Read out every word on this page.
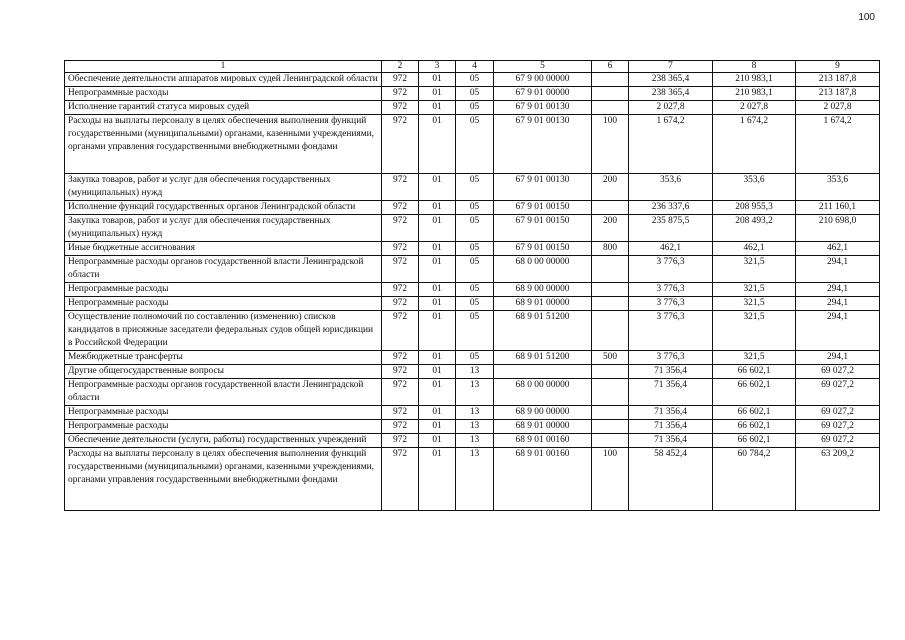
100
1	2	3	4	5	6	7	8	9
Обеспечение деятельности аппаратов мировых судей Ленинградской области	972	01	05	67 9 00 00000		238 365,4	210 983,1	213 187,8
Непрограммные расходы	972	01	05	67 9 01 00000		238 365,4	210 983,1	213 187,8
Исполнение гарантий статуса мировых судей	972	01	05	67 9 01 00130		2 027,8	2 027,8	2 027,8
Расходы на выплаты персоналу в целях обеспечения выполнения функций государственными (муниципальными) органами, казенными учреждениями, органами управления государственными внебюджетными фондами	972	01	05	67 9 01 00130	100	1 674,2	1 674,2	1 674,2
Закупка товаров, работ и услуг для обеспечения государственных (муниципальных) нужд	972	01	05	67 9 01 00130	200	353,6	353,6	353,6
Исполнение функций государственных органов Ленинградской области	972	01	05	67 9 01 00150		236 337,6	208 955,3	211 160,1
Закупка товаров, работ и услуг для обеспечения государственных (муниципальных) нужд	972	01	05	67 9 01 00150	200	235 875,5	208 493,2	210 698,0
Иные бюджетные ассигнования	972	01	05	67 9 01 00150	800	462,1	462,1	462,1
Непрограммные расходы органов государственной власти Ленинградской области	972	01	05	68 0 00 00000		3 776,3	321,5	294,1
Непрограммные расходы	972	01	05	68 9 00 00000		3 776,3	321,5	294,1
Непрограммные расходы	972	01	05	68 9 01 00000		3 776,3	321,5	294,1
Осуществление полномочий по составлению (изменению) списков кандидатов в присяжные заседатели федеральных судов общей юрисдикции в Российской Федерации	972	01	05	68 9 01 51200		3 776,3	321,5	294,1
Межбюджетные трансферты	972	01	05	68 9 01 51200	500	3 776,3	321,5	294,1
Другие общегосударственные вопросы	972	01	13			71 356,4	66 602,1	69 027,2
Непрограммные расходы органов государственной власти Ленинградской области	972	01	13	68 0 00 00000		71 356,4	66 602,1	69 027,2
Непрограммные расходы	972	01	13	68 9 00 00000		71 356,4	66 602,1	69 027,2
Непрограммные расходы	972	01	13	68 9 01 00000		71 356,4	66 602,1	69 027,2
Обеспечение деятельности (услуги, работы) государственных учреждений	972	01	13	68 9 01 00160		71 356,4	66 602,1	69 027,2
Расходы на выплаты персоналу в целях обеспечения выполнения функций государственными (муниципальными) органами, казенными учреждениями, органами управления государственными внебюджетными фондами	972	01	13	68 9 01 00160	100	58 452,4	60 784,2	63 209,2
